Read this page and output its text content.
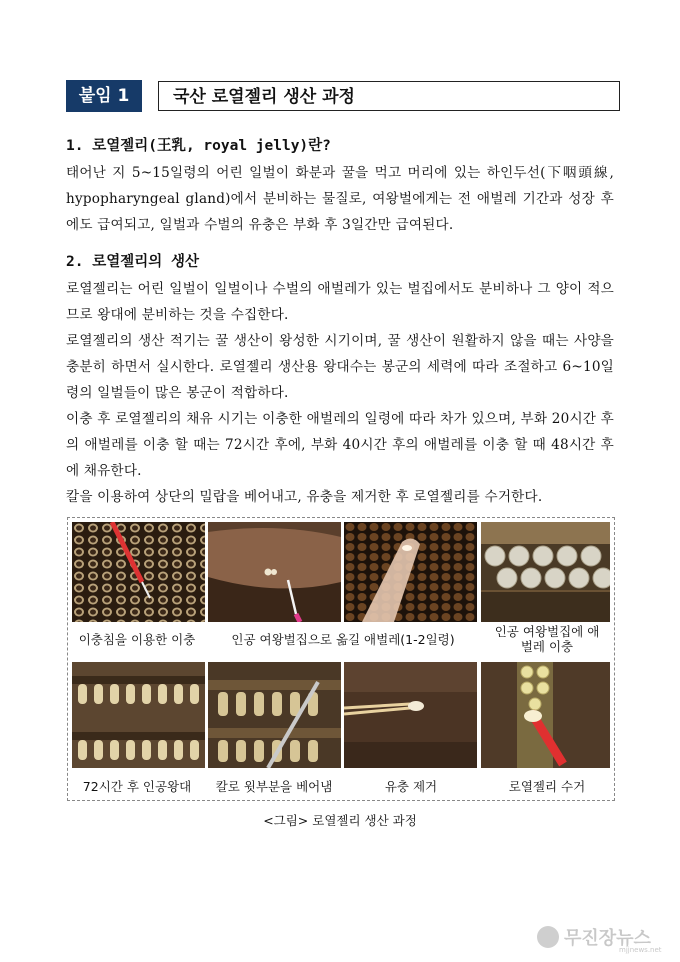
붙임 1	국산 로열젤리 생산 과정
1. 로열젤리(王乳, royal jelly)란?
태어난 지 5~15일령의 어린 일벌이 화분과 꿀을 먹고 머리에 있는 하인두선(下咽頭線, hypopharyngeal gland)에서 분비하는 물질로, 여왕벌에게는 전 애벌레 기간과 성장 후에도 급여되고, 일벌과 수벌의 유충은 부화 후 3일간만 급여된다.
2. 로열젤리의 생산
로열젤리는 어린 일벌이 일벌이나 수벌의 애벌레가 있는 벌집에서도 분비하나 그 양이 적으므로 왕대에 분비하는 것을 수집한다.
로열젤리의 생산 적기는 꿀 생산이 왕성한 시기이며, 꿀 생산이 원활하지 않을 때는 사양을 충분히 하면서 실시한다. 로열젤리 생산용 왕대수는 봉군의 세력에 따라 조절하고 6~10일령의 일벌들이 많은 봉군이 적합하다.
이충 후 로열젤리의 채유 시기는 이충한 애벌레의 일령에 따라 차가 있으며, 부화 20시간 후의 애벌레를 이충 할 때는 72시간 후에, 부화 40시간 후의 애벌레를 이충 할 때 48시간 후에 채유한다.
칼을 이용하여 상단의 밀랍을 베어내고, 유충을 제거한 후 로열젤리를 수거한다.
이충침을 이용한 이충	인공 여왕벌집으로 옮길 애벌레(1-2일령)	인공 여왕벌집에 애벌레 이충
72시간 후 인공왕대	칼로 윗부분을 베어냄	유충 제거	로열젤리 수거
<그림> 로열젤리 생산 과정
무진장뉴스
mjjnews.net
